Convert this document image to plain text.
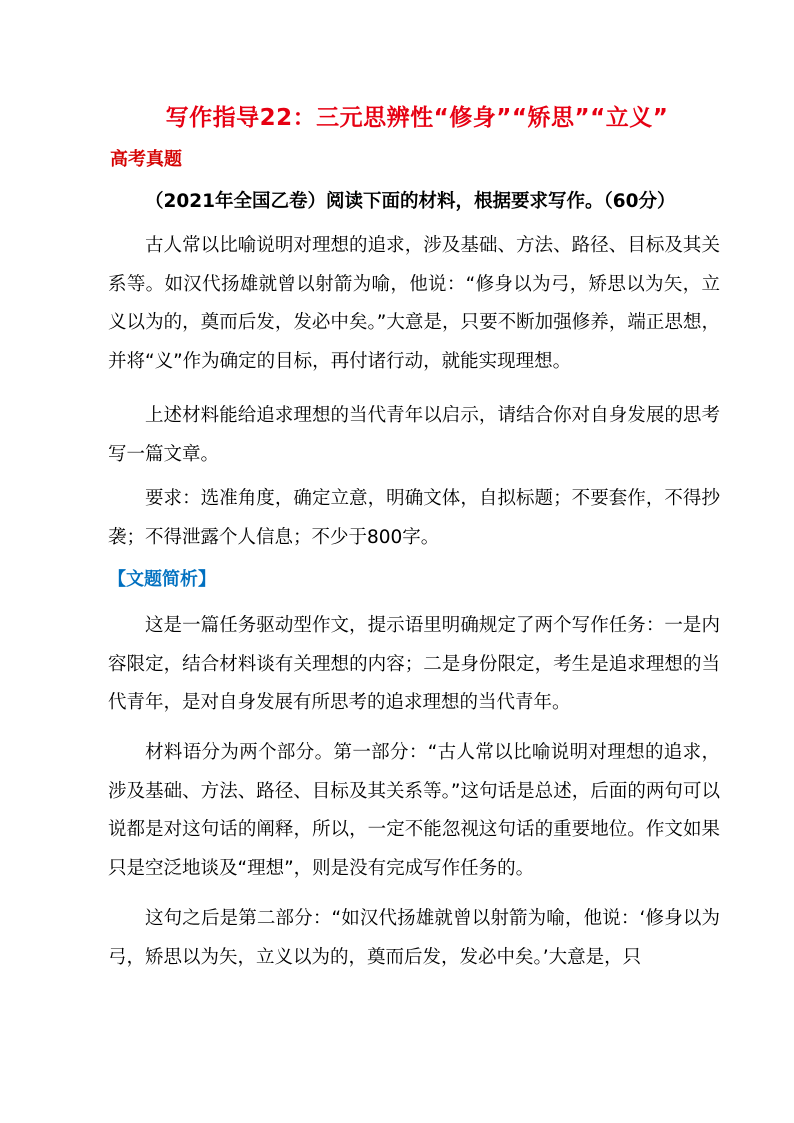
写作指导22：三元思辨性“修身”“矫思”“立义”
高考真题
（2021年全国乙卷）阅读下面的材料，根据要求写作。（60分）
古人常以比喻说明对理想的追求，涉及基础、方法、路径、目标及其关系等。如汉代扬雄就曾以射箭为喻，他说：“修身以为弓，矫思以为矢，立义以为的，奠而后发，发必中矣。”大意是，只要不断加强修养，端正思想，并将“义”作为确定的目标，再付诸行动，就能实现理想。
上述材料能给追求理想的当代青年以启示，请结合你对自身发展的思考写一篇文章。
要求：选准角度，确定立意，明确文体，自拟标题；不要套作，不得抄袭；不得泄露个人信息；不少于800字。
【文题简析】
这是一篇任务驱动型作文，提示语里明确规定了两个写作任务：一是内容限定，结合材料谈有关理想的内容；二是身份限定，考生是追求理想的当代青年，是对自身发展有所思考的追求理想的当代青年。
材料语分为两个部分。第一部分：“古人常以比喻说明对理想的追求，涉及基础、方法、路径、目标及其关系等。”这句话是总述，后面的两句可以说都是对这句话的阐释，所以，一定不能忽视这句话的重要地位。作文如果只是空泛地谈及“理想”，则是没有完成写作任务的。
这句之后是第二部分：“如汉代扬雄就曾以射箭为喻，他说：‘修身以为弓，矫思以为矢，立义以为的，奠而后发，发必中矣。’大意是，只
